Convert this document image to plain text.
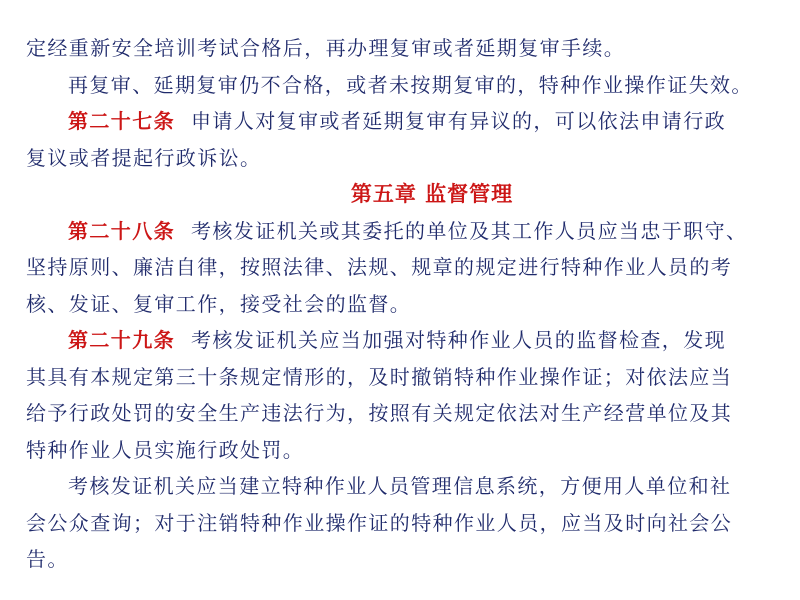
定经重新安全培训考试合格后，再办理复审或者延期复审手续。
再复审、延期复审仍不合格，或者未按期复审的，特种作业操作证失效。
第二十七条 申请人对复审或者延期复审有异议的，可以依法申请行政
复议或者提起行政诉讼。
第五章 监督管理
第二十八条 考核发证机关或其委托的单位及其工作人员应当忠于职守、
坚持原则、廉洁自律，按照法律、法规、规章的规定进行特种作业人员的考
核、发证、复审工作，接受社会的监督。
第二十九条 考核发证机关应当加强对特种作业人员的监督检查，发现
其具有本规定第三十条规定情形的，及时撤销特种作业操作证；对依法应当
给予行政处罚的安全生产违法行为，按照有关规定依法对生产经营单位及其
特种作业人员实施行政处罚。
考核发证机关应当建立特种作业人员管理信息系统，方便用人单位和社
会公众查询；对于注销特种作业操作证的特种作业人员，应当及时向社会公
告。
